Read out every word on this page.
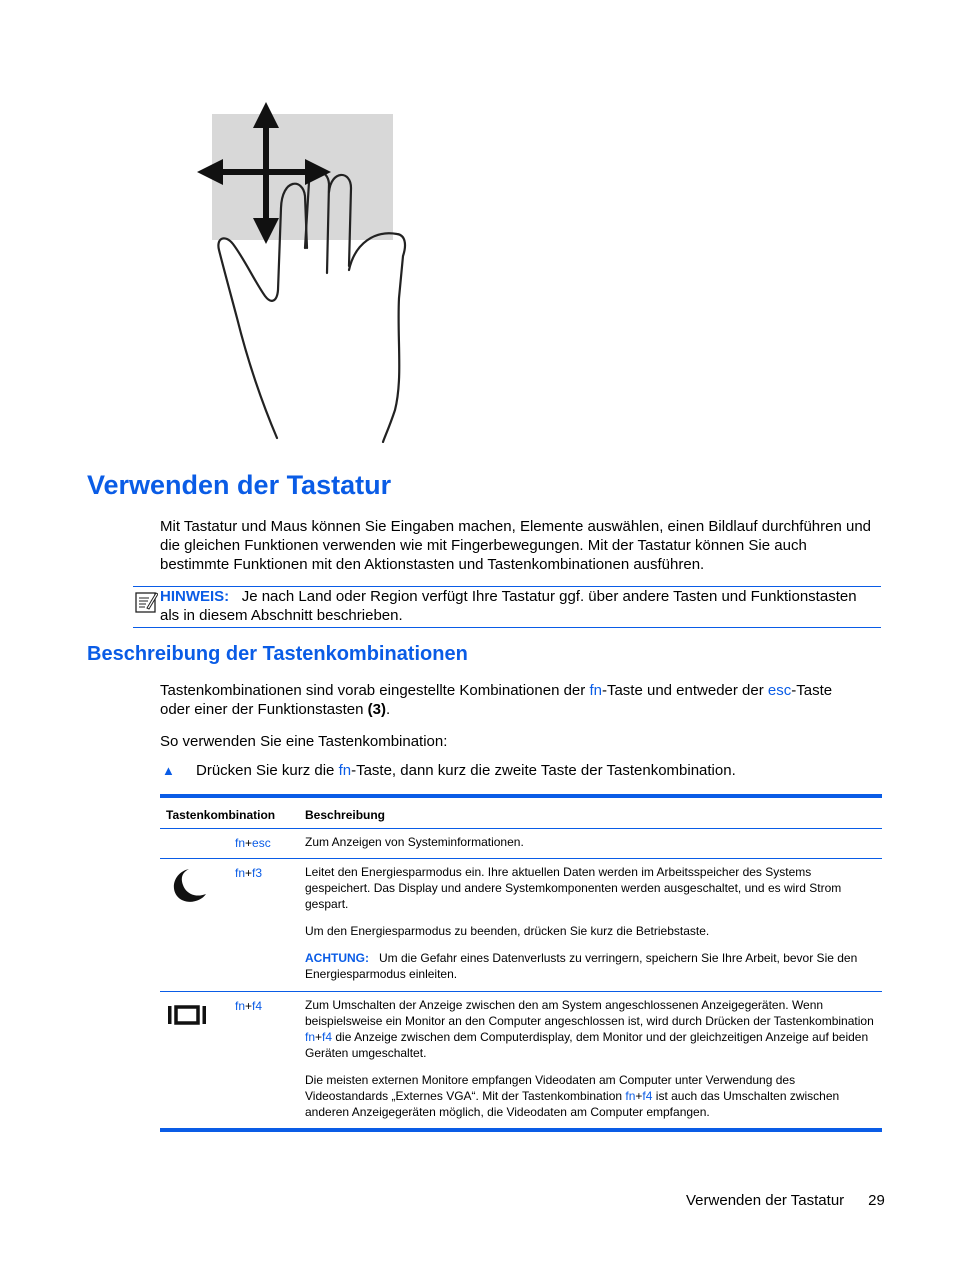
Verwenden der Tastatur

Mit Tastatur und Maus können Sie Eingaben machen, Elemente auswählen, einen Bildlauf durchführen und die gleichen Funktionen verwenden wie mit Fingerbewegungen. Mit der Tastatur können Sie auch bestimmte Funktionen mit den Aktionstasten und Tastenkombinationen ausführen.

HINWEIS: Je nach Land oder Region verfügt Ihre Tastatur ggf. über andere Tasten und Funktionstasten als in diesem Abschnitt beschrieben.
Beschreibung der Tastenkombinationen

Tastenkombinationen sind vorab eingestellte Kombinationen der fn-Taste und entweder der esc-Taste oder einer der Funktionstasten (3).

So verwenden Sie eine Tastenkombination:

▲ Drücken Sie kurz die fn-Taste, dann kurz die zweite Taste der Tastenkombination.
Tastenkombination Beschreibung
fn+esc	Zum Anzeigen von Systeminformationen.

fn+f3	Leitet den Energiesparmodus ein. Ihre aktuellen Daten werden im Arbeitsspeicher des Systems gespeichert. Das Display und andere Systemkomponenten werden ausgeschaltet, und es wird Strom gespart.

Um den Energiesparmodus zu beenden, drücken Sie kurz die Betriebstaste.

ACHTUNG: Um die Gefahr eines Datenverlusts zu verringern, speichern Sie Ihre Arbeit, bevor Sie den Energiesparmodus einleiten.

fn+f4	Zum Umschalten der Anzeige zwischen den am System angeschlossenen Anzeigegeräten. Wenn beispielsweise ein Monitor an den Computer angeschlossen ist, wird durch Drücken der Tastenkombination fn+f4 die Anzeige zwischen dem Computerdisplay, dem Monitor und der gleichzeitigen Anzeige auf beiden Geräten umgeschaltet.

Die meisten externen Monitore empfangen Videodaten am Computer unter Verwendung des Videostandards „Externes VGA“. Mit der Tastenkombination fn+f4 ist auch das Umschalten zwischen anderen Anzeigegeräten möglich, die Videodaten am Computer empfangen.

Verwenden der Tastatur 29
